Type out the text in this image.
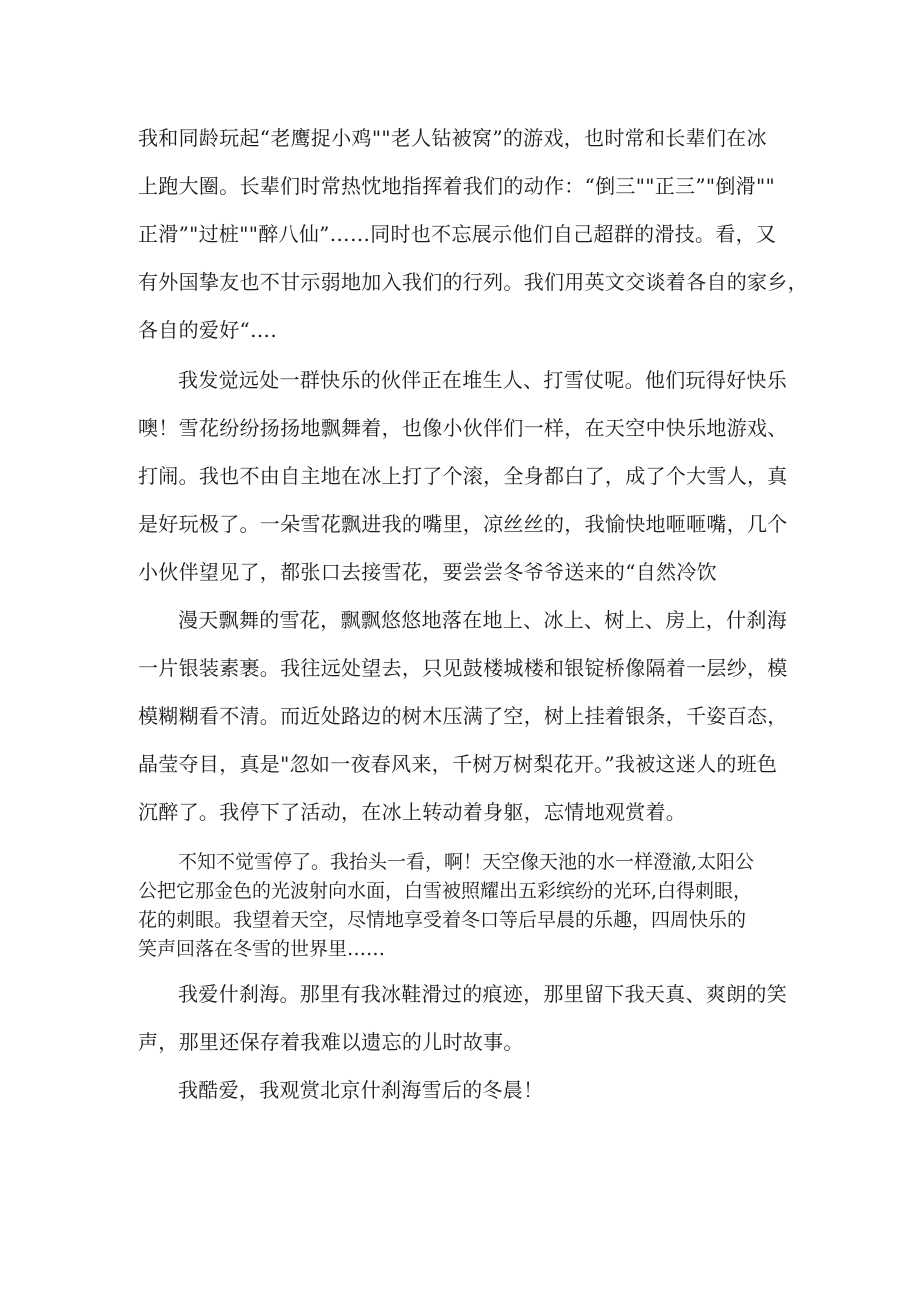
我和同龄玩起“老鹰捉小鸡""老人钻被窝”的游戏，也时常和长辈们在冰
上跑大圈。长辈们时常热忱地指挥着我们的动作：“倒三""正三”"倒滑""
正滑”"过桩""醉八仙”……同时也不忘展示他们自己超群的滑技。看，又
有外国挚友也不甘示弱地加入我们的行列。我们用英文交谈着各自的家乡，
各自的爱好“….
我发觉远处一群快乐的伙伴正在堆生人、打雪仗呢。他们玩得好快乐
噢！雪花纷纷扬扬地飘舞着，也像小伙伴们一样，在天空中快乐地游戏、
打闹。我也不由自主地在冰上打了个滚，全身都白了，成了个大雪人，真
是好玩极了。一朵雪花飘进我的嘴里，凉丝丝的，我愉快地咂咂嘴，几个
小伙伴望见了，都张口去接雪花，要尝尝冬爷爷送来的“自然冷饮
漫天飘舞的雪花，飘飘悠悠地落在地上、冰上、树上、房上，什刹海
一片银装素裹。我往远处望去，只见鼓楼城楼和银锭桥像隔着一层纱，模
模糊糊看不清。而近处路边的树木压满了空，树上挂着银条，千姿百态，
晶莹夺目，真是"忽如一夜春风来，千树万树梨花开。”我被这迷人的班色
沉醉了。我停下了活动，在冰上转动着身躯，忘情地观赏着。
不知不觉雪停了。我抬头一看，啊！天空像天池的水一样澄澈,太阳公
公把它那金色的光波射向水面，白雪被照耀出五彩缤纷的光环,白得刺眼，
花的刺眼。我望着天空，尽情地享受着冬口等后早晨的乐趣，四周快乐的
笑声回落在冬雪的世界里……
我爱什刹海。那里有我冰鞋滑过的痕迹，那里留下我天真、爽朗的笑
声，那里还保存着我难以遗忘的儿时故事。
我酷爱，我观赏北京什刹海雪后的冬晨！
